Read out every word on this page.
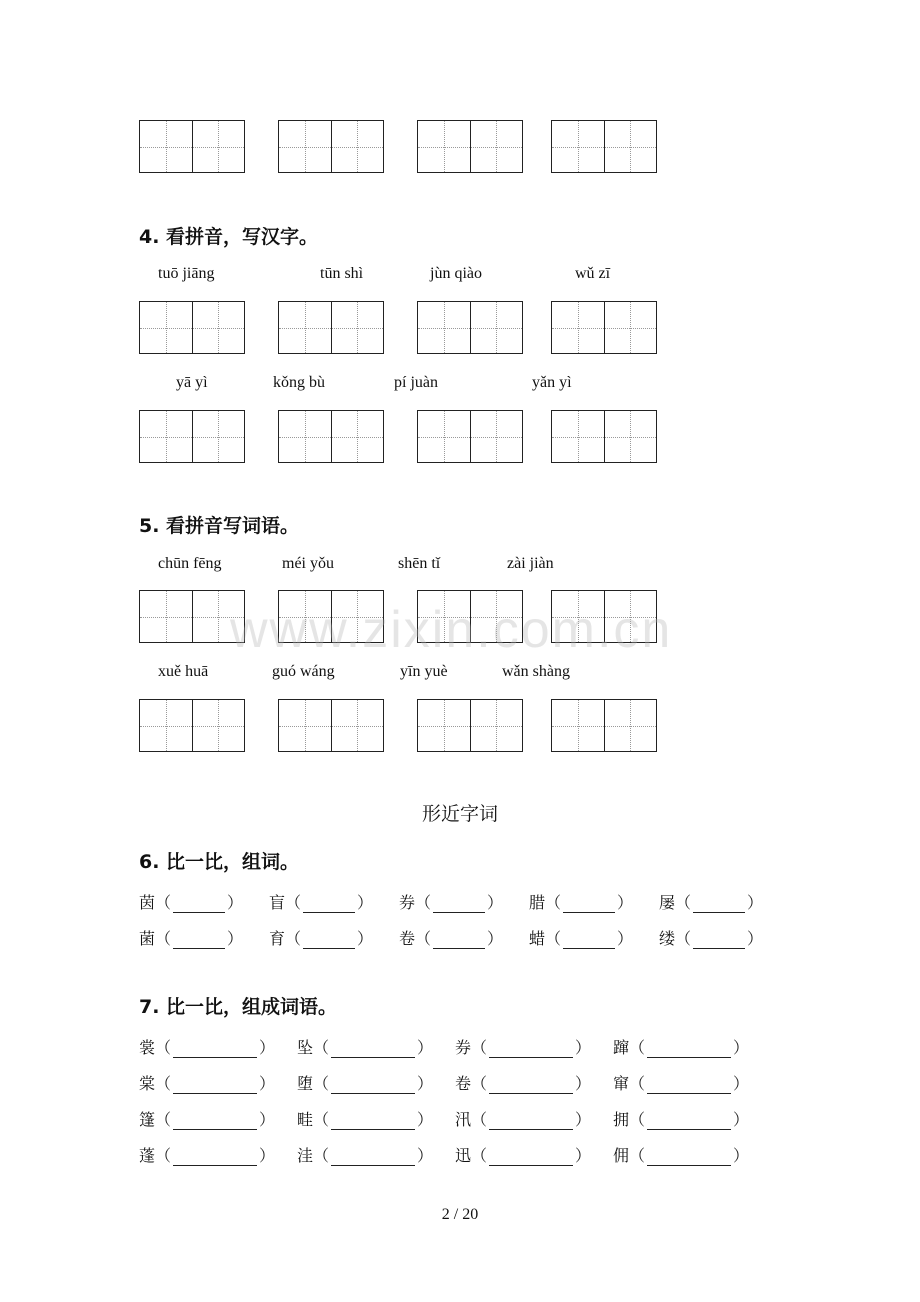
4. 看拼音，写汉字。
tuō jiāng	tūn shì	jùn qiào	wǔ zī
yā yì	kǒng bù	pí juàn	yǎn yì
5. 看拼音写词语。
chūn fēng	méi yǒu	shēn tǐ	zài jiàn
xuě huā	guó wáng	yīn yuè	wǎn shàng
形近字词
6. 比一比，组词。
茵（	） 盲（	） 券（	） 腊（	） 屡（	）
菌（	） 育（	） 卷（	） 蜡（	） 缕（	）
7. 比一比，组成词语。
裳（	） 坠（	） 券（	） 蹿（	）
棠（	） 堕（	） 卷（	） 窜（	）
篷（	） 畦（	） 汛（	） 拥（	）
蓬（	） 洼（	） 迅（	） 佣（	）
www.zixin.com.cn
2 / 20
